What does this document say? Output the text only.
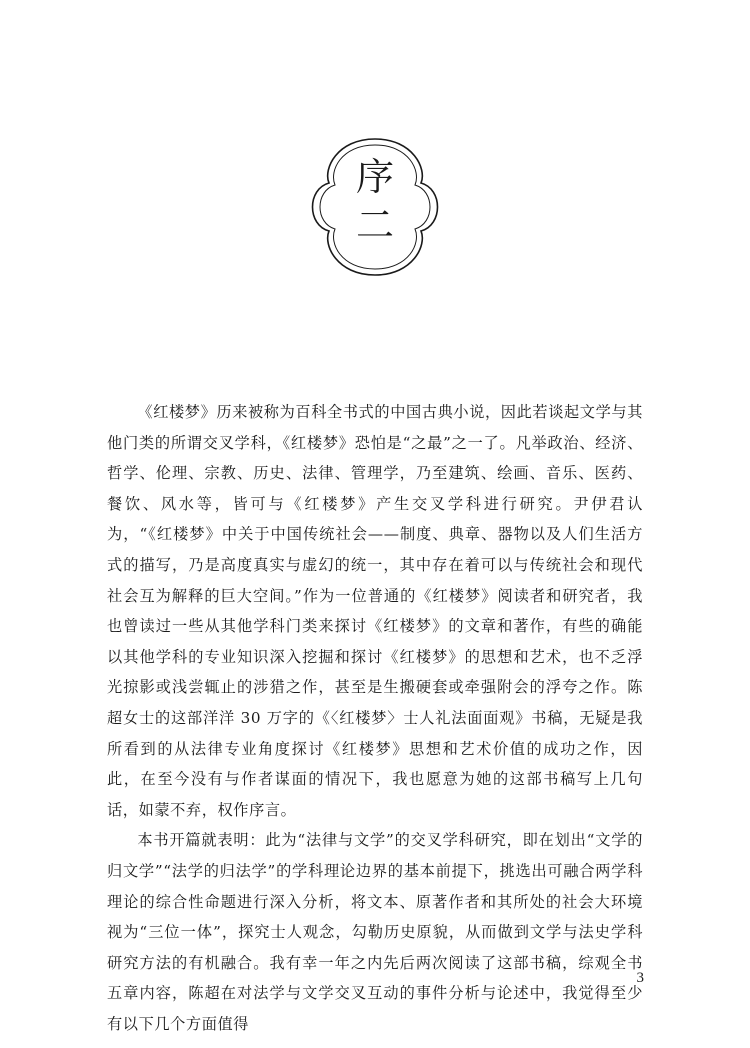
序
二

《红楼梦》历来被称为百科全书式的中国古典小说，因此若谈起文学与其他门类的所谓交叉学科，《红楼梦》恐怕是“之最”之一了。凡举政治、经济、哲学、伦理、宗教、历史、法律、管理学，乃至建筑、绘画、音乐、医药、餐饮、风水等，皆可与《红楼梦》产生交叉学科进行研究。尹伊君认为，“《红楼梦》中关于中国传统社会——制度、典章、器物以及人们生活方式的描写，乃是高度真实与虚幻的统一，其中存在着可以与传统社会和现代社会互为解释的巨大空间。”作为一位普通的《红楼梦》阅读者和研究者，我也曾读过一些从其他学科门类来探讨《红楼梦》的文章和著作，有些的确能以其他学科的专业知识深入挖掘和探讨《红楼梦》的思想和艺术，也不乏浮光掠影或浅尝辄止的涉猎之作，甚至是生搬硬套或牵强附会的浮夸之作。陈超女士的这部洋洋 30 万字的《〈红楼梦〉士人礼法面面观》书稿，无疑是我所看到的从法律专业角度探讨《红楼梦》思想和艺术价值的成功之作，因此，在至今没有与作者谋面的情况下，我也愿意为她的这部书稿写上几句话，如蒙不弃，权作序言。

本书开篇就表明：此为“法律与文学”的交叉学科研究，即在划出“文学的归文学”“法学的归法学”的学科理论边界的基本前提下，挑选出可融合两学科理论的综合性命题进行深入分析，将文本、原著作者和其所处的社会大环境视为“三位一体”，探究士人观念，勾勒历史原貌，从而做到文学与法史学科研究方法的有机融合。我有幸一年之内先后两次阅读了这部书稿，综观全书五章内容，陈超在对法学与文学交叉互动的事件分析与论述中，我觉得至少有以下几个方面值得

3
